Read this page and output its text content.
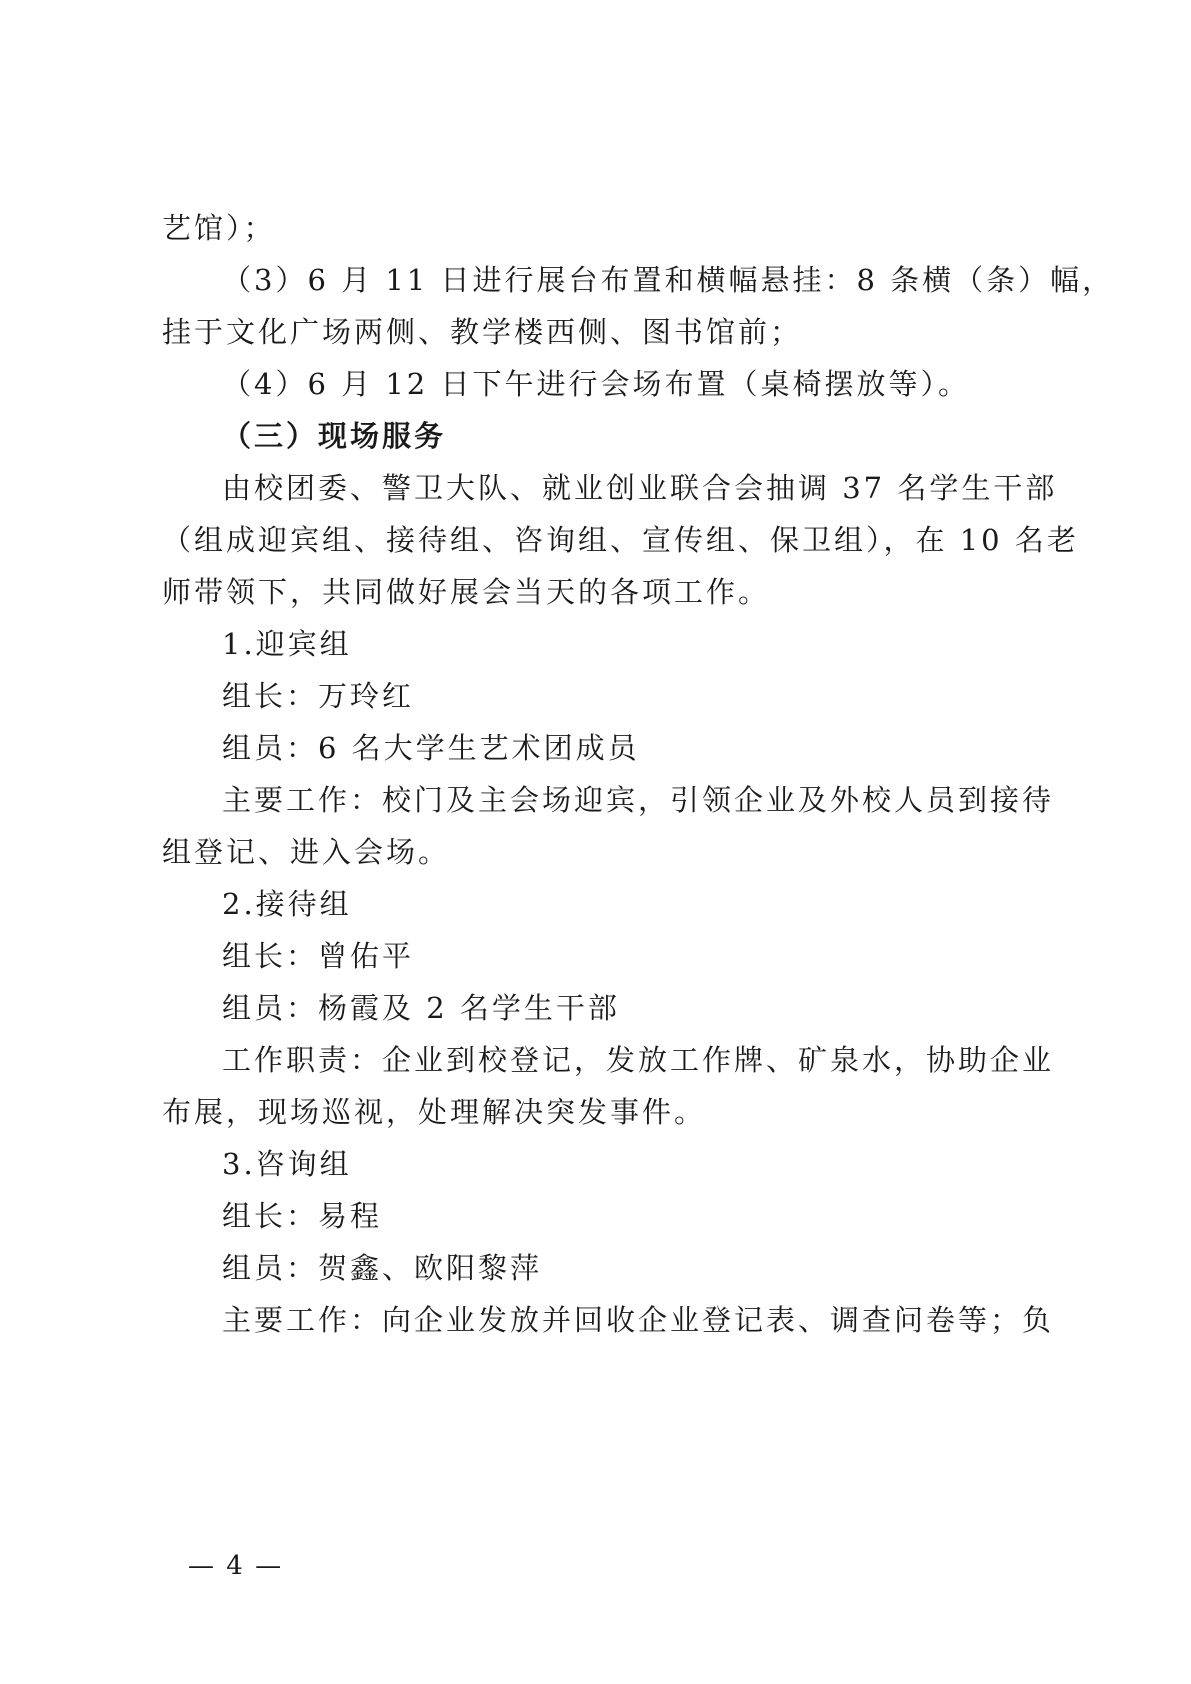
艺馆）；
（3）6 月 11 日进行展台布置和横幅悬挂：8 条横（条）幅，
挂于文化广场两侧、教学楼西侧、图书馆前；
（4）6 月 12 日下午进行会场布置（桌椅摆放等）。
（三）现场服务
由校团委、警卫大队、就业创业联合会抽调 37 名学生干部
（组成迎宾组、接待组、咨询组、宣传组、保卫组），在 10 名老
师带领下，共同做好展会当天的各项工作。
1.迎宾组
组长：万玲红
组员：6 名大学生艺术团成员
主要工作：校门及主会场迎宾，引领企业及外校人员到接待
组登记、进入会场。
2.接待组
组长：曾佑平
组员：杨霞及 2 名学生干部
工作职责：企业到校登记，发放工作牌、矿泉水，协助企业
布展，现场巡视，处理解决突发事件。
3.咨询组
组长：易程
组员：贺鑫、欧阳黎萍
主要工作：向企业发放并回收企业登记表、调查问卷等；负
— 4 —
